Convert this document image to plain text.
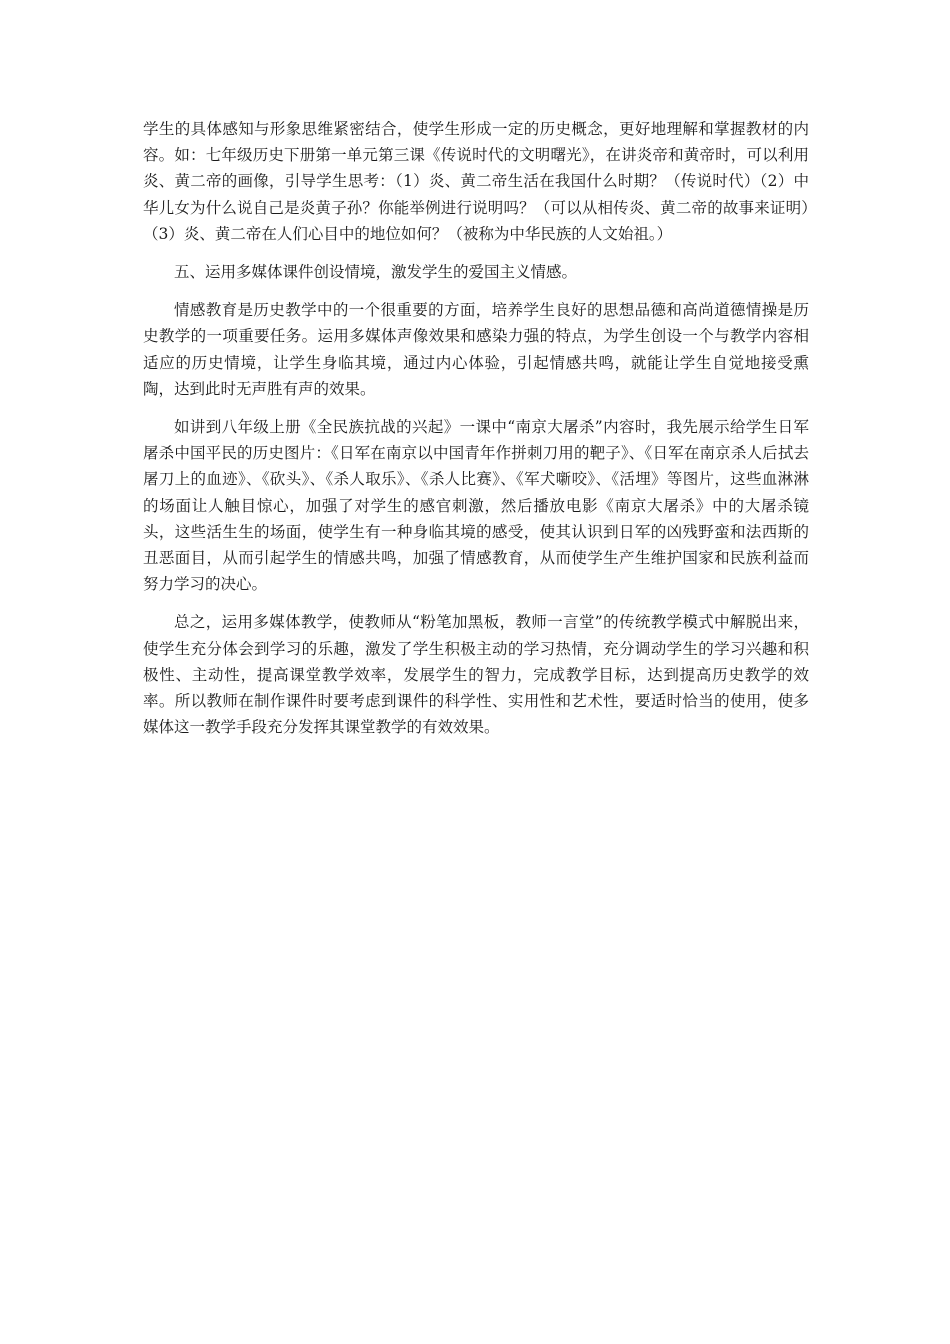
学生的具体感知与形象思维紧密结合，使学生形成一定的历史概念，更好地理解和掌握教材的内容。如：七年级历史下册第一单元第三课《传说时代的文明曙光》，在讲炎帝和黄帝时，可以利用炎、黄二帝的画像，引导学生思考：（1）炎、黄二帝生活在我国什么时期？（传说时代）（2）中华儿女为什么说自己是炎黄子孙？你能举例进行说明吗？（可以从相传炎、黄二帝的故事来证明）（3）炎、黄二帝在人们心目中的地位如何？（被称为中华民族的人文始祖。）

五、运用多媒体课件创设情境，激发学生的爱国主义情感。

情感教育是历史教学中的一个很重要的方面，培养学生良好的思想品德和高尚道德情操是历史教学的一项重要任务。运用多媒体声像效果和感染力强的特点，为学生创设一个与教学内容相适应的历史情境，让学生身临其境，通过内心体验，引起情感共鸣，就能让学生自觉地接受熏陶，达到此时无声胜有声的效果。

如讲到八年级上册《全民族抗战的兴起》一课中“南京大屠杀”内容时，我先展示给学生日军屠杀中国平民的历史图片：《日军在南京以中国青年作拼刺刀用的靶子》、《日军在南京杀人后拭去屠刀上的血迹》、《砍头》、《杀人取乐》、《杀人比赛》、《军犬噺咬》、《活埋》等图片，这些血淋淋的场面让人触目惊心，加强了对学生的感官刺激，然后播放电影《南京大屠杀》中的大屠杀镜头，这些活生生的场面，使学生有一种身临其境的感受，使其认识到日军的凶残野蛮和法西斯的丑恶面目，从而引起学生的情感共鸣，加强了情感教育，从而使学生产生维护国家和民族利益而努力学习的决心。

总之，运用多媒体教学，使教师从“粉笔加黑板，教师一言堂”的传统教学模式中解脱出来，使学生充分体会到学习的乐趣，激发了学生积极主动的学习热情，充分调动学生的学习兴趣和积极性、主动性，提高课堂教学效率，发展学生的智力，完成教学目标，达到提高历史教学的效率。所以教师在制作课件时要考虑到课件的科学性、实用性和艺术性，要适时恰当的使用，使多媒体这一教学手段充分发挥其课堂教学的有效效果。
